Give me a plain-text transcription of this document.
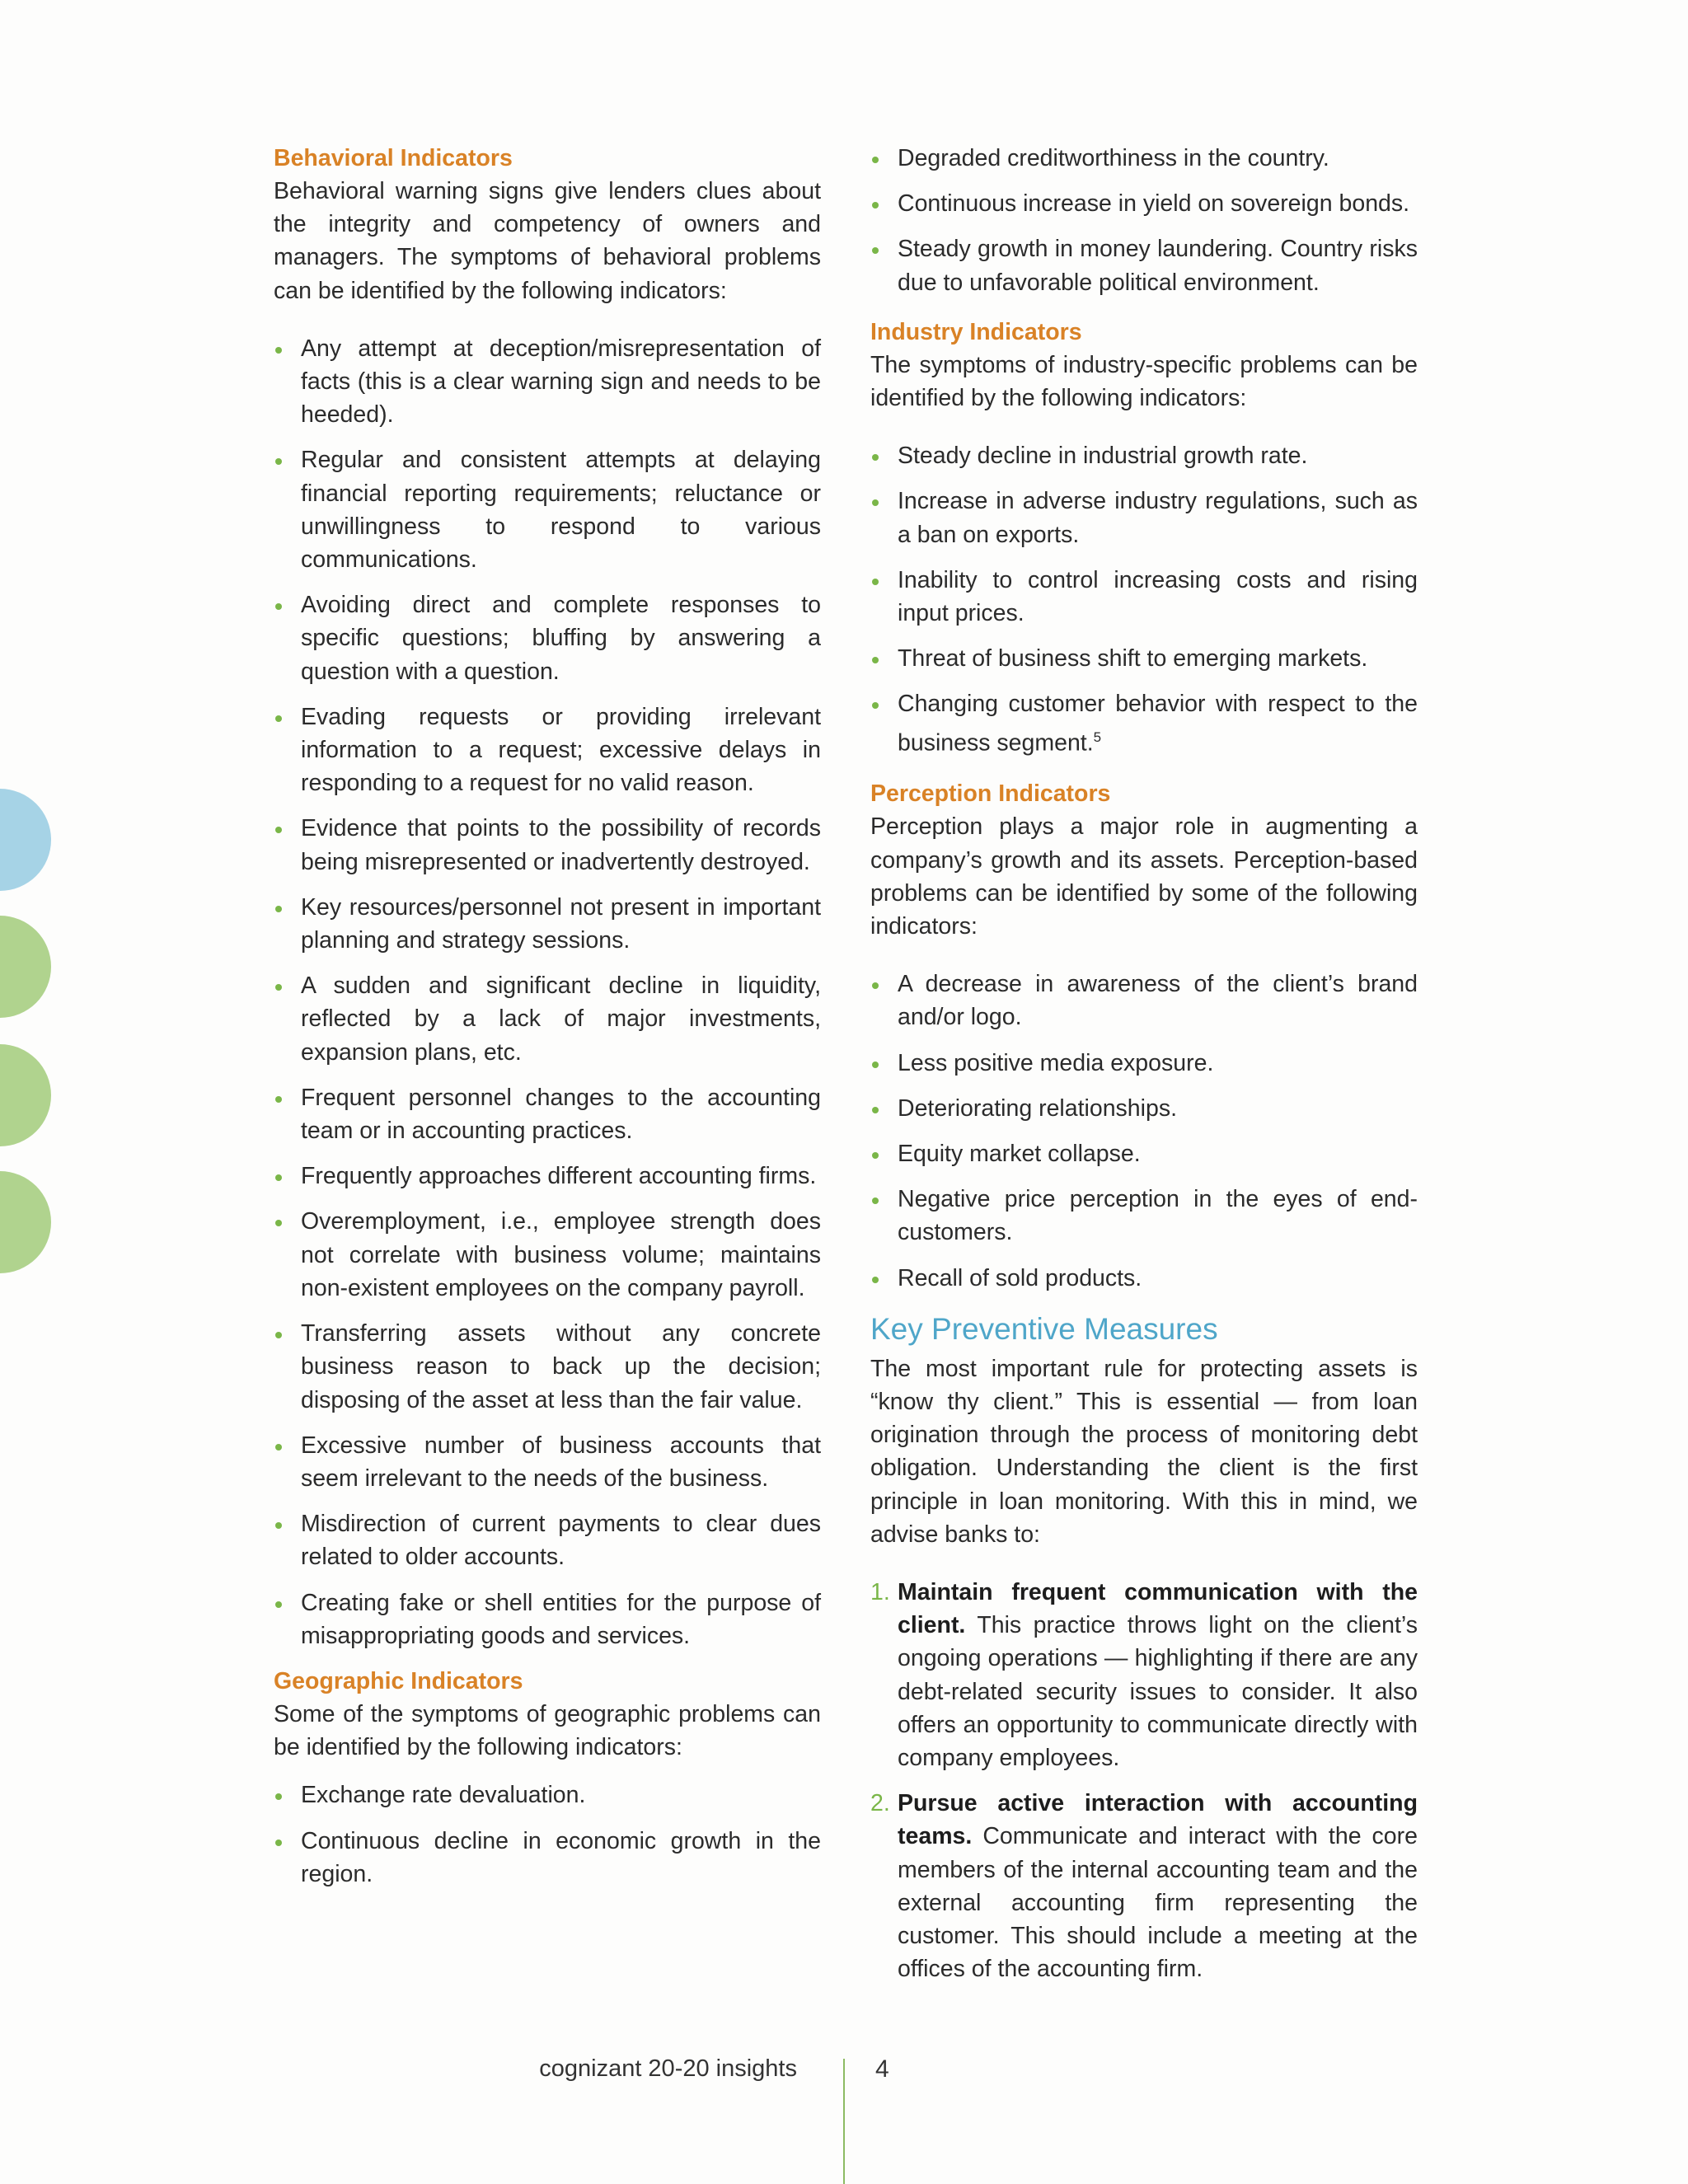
Behavioral Indicators

Behavioral warning signs give lenders clues about the integrity and competency of owners and managers. The symptoms of behavioral problems can be identified by the following indicators:

Any attempt at deception/misrepresentation of facts (this is a clear warning sign and needs to be heeded).
Regular and consistent attempts at delaying financial reporting requirements; reluctance or unwillingness to respond to various communications.
Avoiding direct and complete responses to specific questions; bluffing by answering a question with a question.
Evading requests or providing irrelevant information to a request; excessive delays in responding to a request for no valid reason.
Evidence that points to the possibility of records being misrepresented or inadvertently destroyed.
Key resources/personnel not present in important planning and strategy sessions.
A sudden and significant decline in liquidity, reflected by a lack of major investments, expansion plans, etc.
Frequent personnel changes to the accounting team or in accounting practices.
Frequently approaches different accounting firms.
Overemployment, i.e., employee strength does not correlate with business volume; maintains non-existent employees on the company payroll.
Transferring assets without any concrete business reason to back up the decision; disposing of the asset at less than the fair value.
Excessive number of business accounts that seem irrelevant to the needs of the business.
Misdirection of current payments to clear dues related to older accounts.
Creating fake or shell entities for the purpose of misappropriating goods and services.
Geographic Indicators

Some of the symptoms of geographic problems can be identified by the following indicators:

Exchange rate devaluation.
Continuous decline in economic growth in the region.
Degraded creditworthiness in the country.
Continuous increase in yield on sovereign bonds.
Steady growth in money laundering. Country risks due to unfavorable political environment.
Industry Indicators

The symptoms of industry-specific problems can be identified by the following indicators:

Steady decline in industrial growth rate.
Increase in adverse industry regulations, such as a ban on exports.
Inability to control increasing costs and rising input prices.
Threat of business shift to emerging markets.
Changing customer behavior with respect to the business segment.$^5$
Perception Indicators

Perception plays a major role in augmenting a company’s growth and its assets. Perception-based problems can be identified by some of the following indicators:

A decrease in awareness of the client’s brand and/or logo.
Less positive media exposure.
Deteriorating relationships.
Equity market collapse.
Negative price perception in the eyes of end-customers.
Recall of sold products.
Key Preventive Measures

The most important rule for protecting assets is “know thy client.” This is essential — from loan origination through the process of monitoring debt obligation. Understanding the client is the first principle in loan monitoring. With this in mind, we advise banks to:

1. Maintain frequent communication with the client. This practice throws light on the client’s ongoing operations — highlighting if there are any debt-related security issues to consider. It also offers an opportunity to communicate directly with company employees.
2. Pursue active interaction with accounting teams. Communicate and interact with the core members of the internal accounting team and the external accounting firm representing the customer. This should include a meeting at the offices of the accounting firm.
cognizant 20-20 insights	4
